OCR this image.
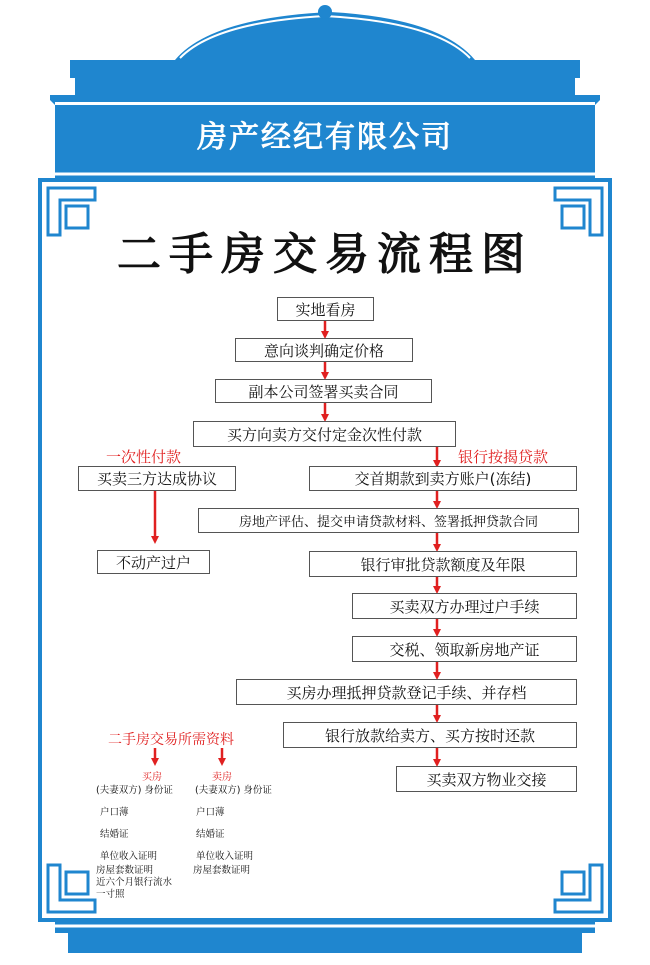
房产经纪有限公司
二手房交易流程图
实地看房
意向谈判确定价格
副本公司签署买卖合同
买方向卖方交付定金次性付款
一次性付款	银行按揭贷款
买卖三方达成协议
不动产过户
交首期款到卖方账户(冻结)
房地产评估、提交申请贷款材料、签署抵押贷款合同
银行审批贷款额度及年限
买卖双方办理过户手续
交税、领取新房地产证
买房办理抵押贷款登记手续、并存档
银行放款给卖方、买方按时还款
买卖双方物业交接
二手房交易所需资料
买房	卖房
(夫妻双方) 身份证
户口薄
结婚证
单位收入证明
房屋套数证明
近六个月银行流水
一寸照
(夫妻双方) 身份证
户口薄
结婚证
单位收入证明
房屋套数证明
